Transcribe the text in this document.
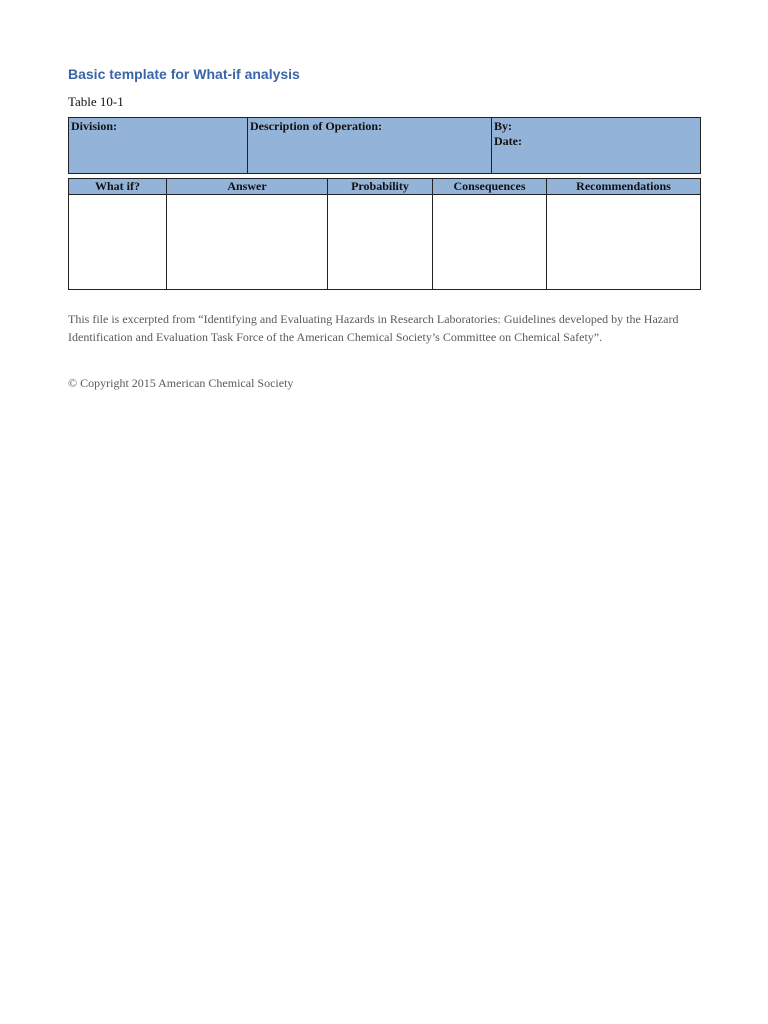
Basic template for What-if analysis
Table 10-1
Division:	Description of Operation:	By:
Date:
What if?	Answer	Probability	Consequences	Recommendations

This file is excerpted from “Identifying and Evaluating Hazards in Research Laboratories: Guidelines developed by the Hazard Identification and Evaluation Task Force of the American Chemical Society’s Committee on Chemical Safety”.
© Copyright 2015 American Chemical Society
